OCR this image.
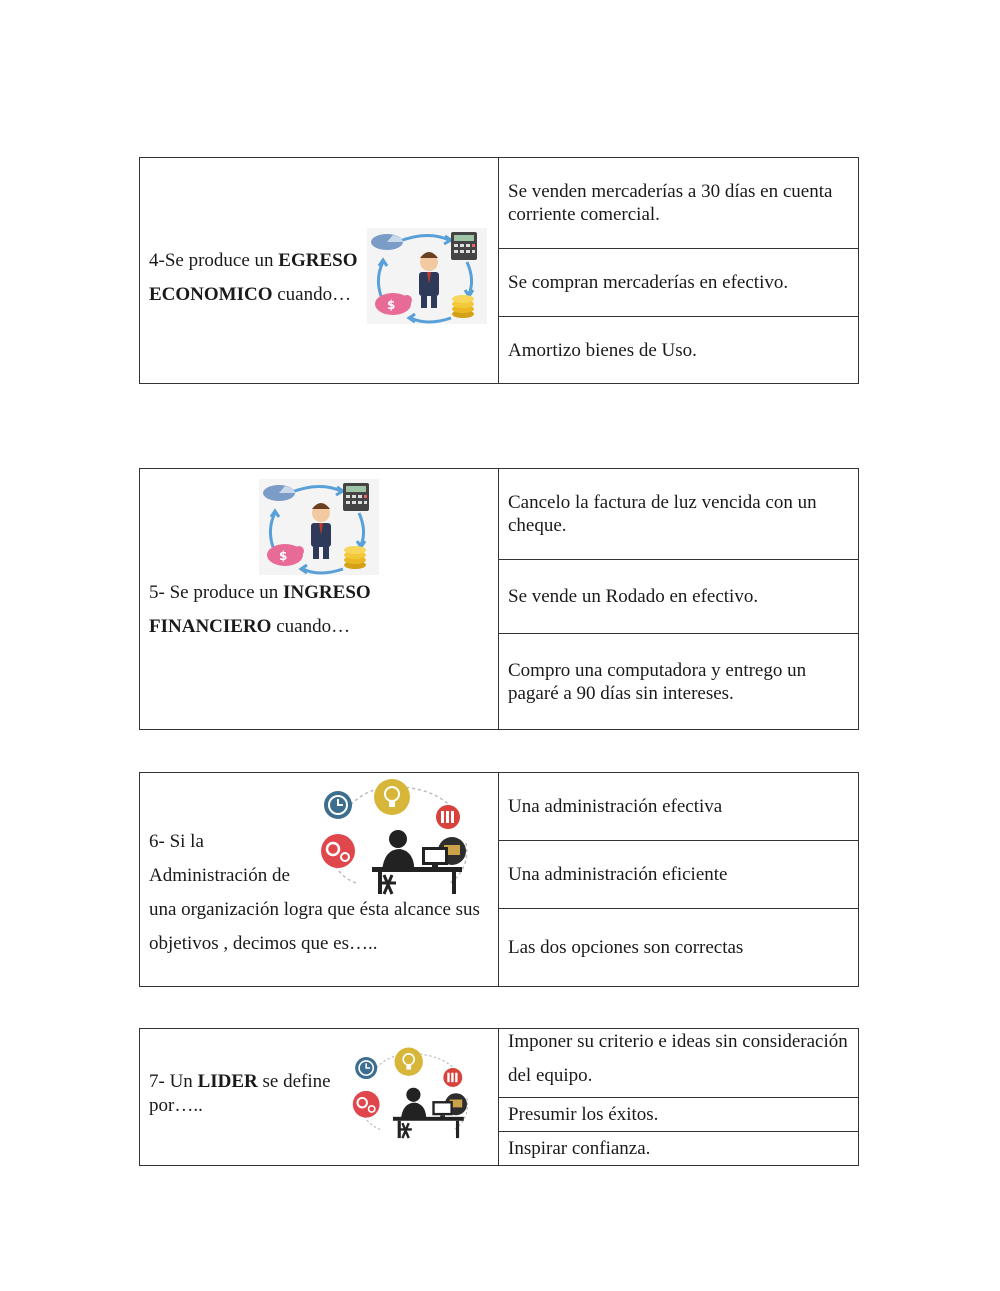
4-Se produce un EGRESO
ECONOMICO cuando…
Se venden mercaderías a 30 días en cuenta corriente comercial.
Se compran mercaderías en efectivo.
Amortizo bienes de Uso.
5- Se produce un INGRESO
FINANCIERO cuando…
Cancelo la factura de luz vencida con un cheque.
Se vende un Rodado en efectivo.
Compro una computadora y entrego un pagaré a 90 días sin intereses.
6- Si la
Administración de
una organización logra que ésta alcance sus
objetivos , decimos que es…..
Una administración efectiva
Una administración eficiente
Las dos opciones son correctas
7- Un LIDER se define
por…..
Imponer su criterio e ideas sin consideración del equipo.
Presumir los éxitos.
Inspirar confianza.
